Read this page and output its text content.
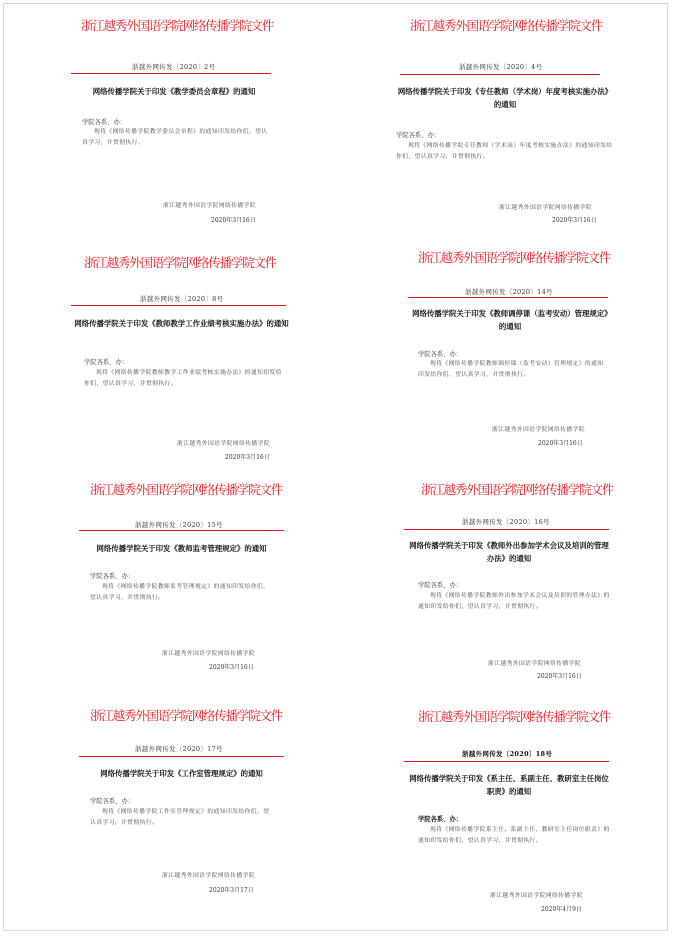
浙江越秀外国语学院网络传播学院文件
浙越外网传发〔2020〕2号
网络传播学院关于印发《教学委员会章程》的通知
学院各系、办：
现将《网络传播学院教学委员会章程》的通知印发给你们，望认真学习，并贯彻执行。
浙江越秀外国语学院网络传播学院
2020年3月16日
浙江越秀外国语学院网络传播学院文件
浙越外网传发〔2020〕4号
网络传播学院关于印发《专任教师（学术岗）年度考核实施办法》的通知
学院各系、办：
现将《网络传播学院专任教师（学术岗）年度考核实施办法》的通知印发给你们，望认真学习，并贯彻执行。
浙江越秀外国语学院网络传播学院
2020年3月16日
浙江越秀外国语学院网络传播学院文件
浙越外网传发〔2020〕8号
网络传播学院关于印发《教师教学工作业绩考核实施办法》的通知
学院各系、办：
现将《网络传播学院教师教学工作业绩考核实施办法》的通知印发给你们，望认真学习，并贯彻执行。
浙江越秀外国语学院网络传播学院
2020年3月16日
浙江越秀外国语学院网络传播学院文件
浙越外网传发〔2020〕14号
网络传播学院关于印发《教师调停课（监考安动）管理规定》的通知
学院各系、办：
现将《网络传播学院教师调停课（监考安动）管理规定》的通知印发给你们，望认真学习，并贯彻执行。
浙江越秀外国语学院网络传播学院
2020年3月16日
浙江越秀外国语学院网络传播学院文件
浙越外网传发〔2020〕15号
网络传播学院关于印发《教师监考管理规定》的通知
学院各系、办：
现将《网络传播学院教师监考管理规定》的通知印发给你们，望认真学习，并贯彻执行。
浙江越秀外国语学院网络传播学院
2020年3月16日
浙江越秀外国语学院网络传播学院文件
浙越外网传发〔2020〕16号
网络传播学院关于印发《教师外出参加学术会议及培训的管理办法》的通知
学院各系、办：
现将《网络传播学院教师外出参加学术会议及培训的管理办法》的通知印发给你们，望认真学习，并贯彻执行。
浙江越秀外国语学院网络传播学院
2020年3月16日
浙江越秀外国语学院网络传播学院文件
浙越外网传发〔2020〕17号
网络传播学院关于印发《工作室管理规定》的通知
学院各系、办：
现将《网络传播学院工作室管理规定》的通知印发给你们，望认真学习，并贯彻执行。
浙江越秀外国语学院网络传播学院
2020年3月17日
浙江越秀外国语学院网络传播学院文件
浙越外网传发〔2020〕18号
网络传播学院关于印发《系主任、系副主任、教研室主任岗位职责》的通知
学院各系、办：
现将《网络传播学院系主任、系副主任、教研室主任岗位职责》的通知印发给你们，望认真学习，并贯彻执行。
浙江越秀外国语学院网络传播学院
2020年4月9日
